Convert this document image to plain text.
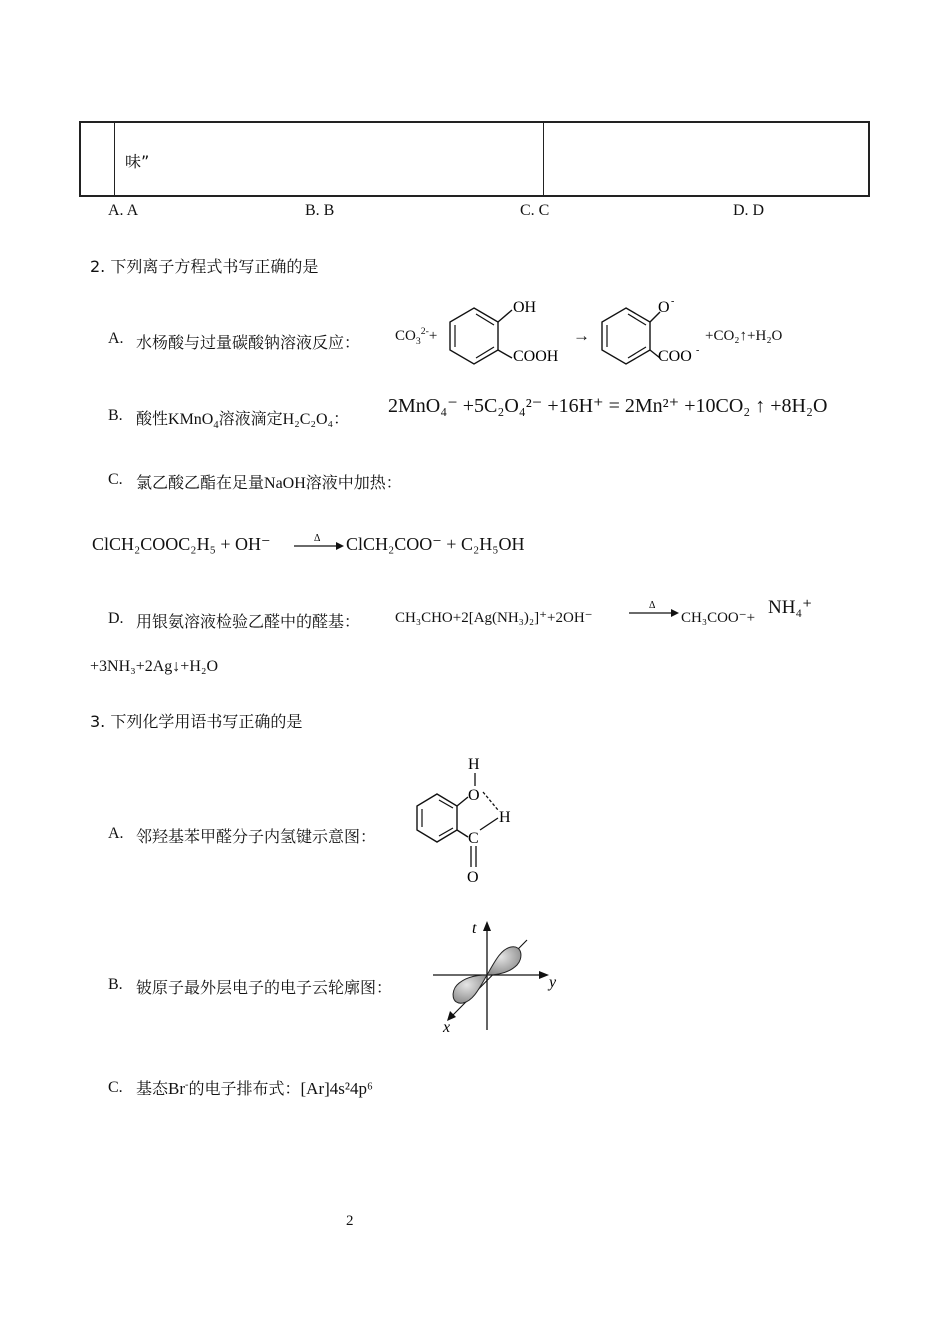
味”
A. A	B. B	C. C	D. D
2. 下列离子方程式书写正确的是
A. 水杨酸与过量碳酸钠溶液反应： $CO_3^{2-}+$
OH
COOH
→
O -
COO -
+CO₂↑+H₂O
B. 酸性KMnO$_4$溶液滴定H₂C₂O₄：
2MnO₄⁻ +5C₂O₄²⁻ +16H⁺ = 2Mn²⁺ +10CO₂ ↑ +8H₂O
C. 氯乙酸乙酯在足量NaOH溶液中加热：
ClCH₂COOC₂H₅ + OH⁻	Δ ClCH₂COO⁻ + C₂H₅OH
D. 用银氨溶液检验乙醛中的醛基： CH₃CHO+2[Ag(NH₃)₂]⁺+2OH⁻
Δ
CH₃COO⁻+ NH₄⁺
+3NH₃+2Ag↓+H₂O
3. 下列化学用语书写正确的是
A. 邻羟基苯甲醛分子内氢键示意图：
H
O
H
C
O
B. 铍原子最外层电子的电子云轮廓图：
t
y
x
C. 基态Br-的电子排布式：[Ar]4s²4p⁶
2
